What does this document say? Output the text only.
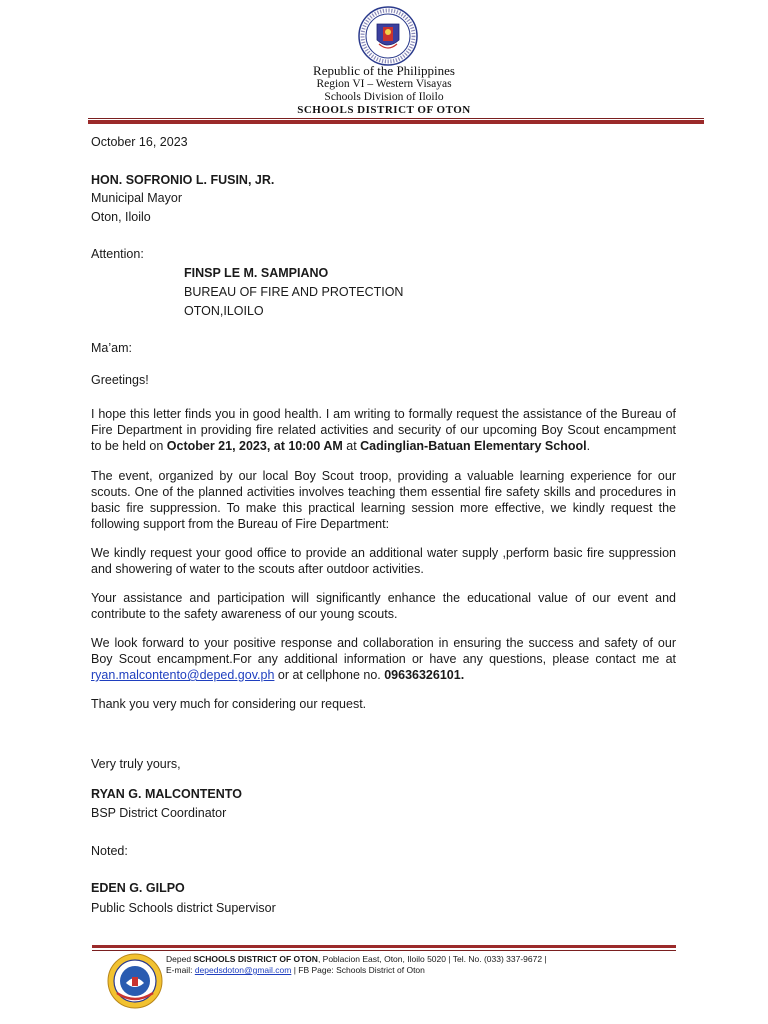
Republic of the Philippines
Region VI – Western Visayas
Schools Division of Iloilo
SCHOOLS DISTRICT OF OTON
October 16, 2023
HON. SOFRONIO L. FUSIN, JR.
Municipal Mayor
Oton, Iloilo
Attention:
FINSP LE M. SAMPIANO
BUREAU OF FIRE AND PROTECTION
OTON,ILOILO
Ma’am:
Greetings!

I hope this letter finds you in good health. I am writing to formally request the assistance of the Bureau of Fire Department in providing fire related activities and security of our upcoming Boy Scout encampment to be held on October 21, 2023, at 10:00 AM at Cadinglian-Batuan Elementary School.

The event, organized by our local Boy Scout troop, providing a valuable learning experience for our scouts. One of the planned activities involves teaching them essential fire safety skills and procedures in basic fire suppression. To make this practical learning session more effective, we kindly request the following support from the Bureau of Fire Department:

We kindly request your good office to provide an additional water supply ,perform basic fire suppression and showering of water to the scouts after outdoor activities.

Your assistance and participation will significantly enhance the educational value of our event and contribute to the safety awareness of our young scouts.

We look forward to your positive response and collaboration in ensuring the success and safety of our Boy Scout encampment.For any additional information or have any questions, please contact me at ryan.malcontento@deped.gov.ph or at cellphone no. 09636326101.

Thank you very much for considering our request.
Very truly yours,
RYAN G. MALCONTENTO
BSP District Coordinator
Noted:
EDEN G. GILPO
Public Schools district Supervisor
Deped SCHOOLS DISTRICT OF OTON, Poblacion East, Oton, Iloilo 5020 | Tel. No. (033) 337-9672 |
E-mail: depedsdoton@gmail.com | FB Page: Schools District of Oton
